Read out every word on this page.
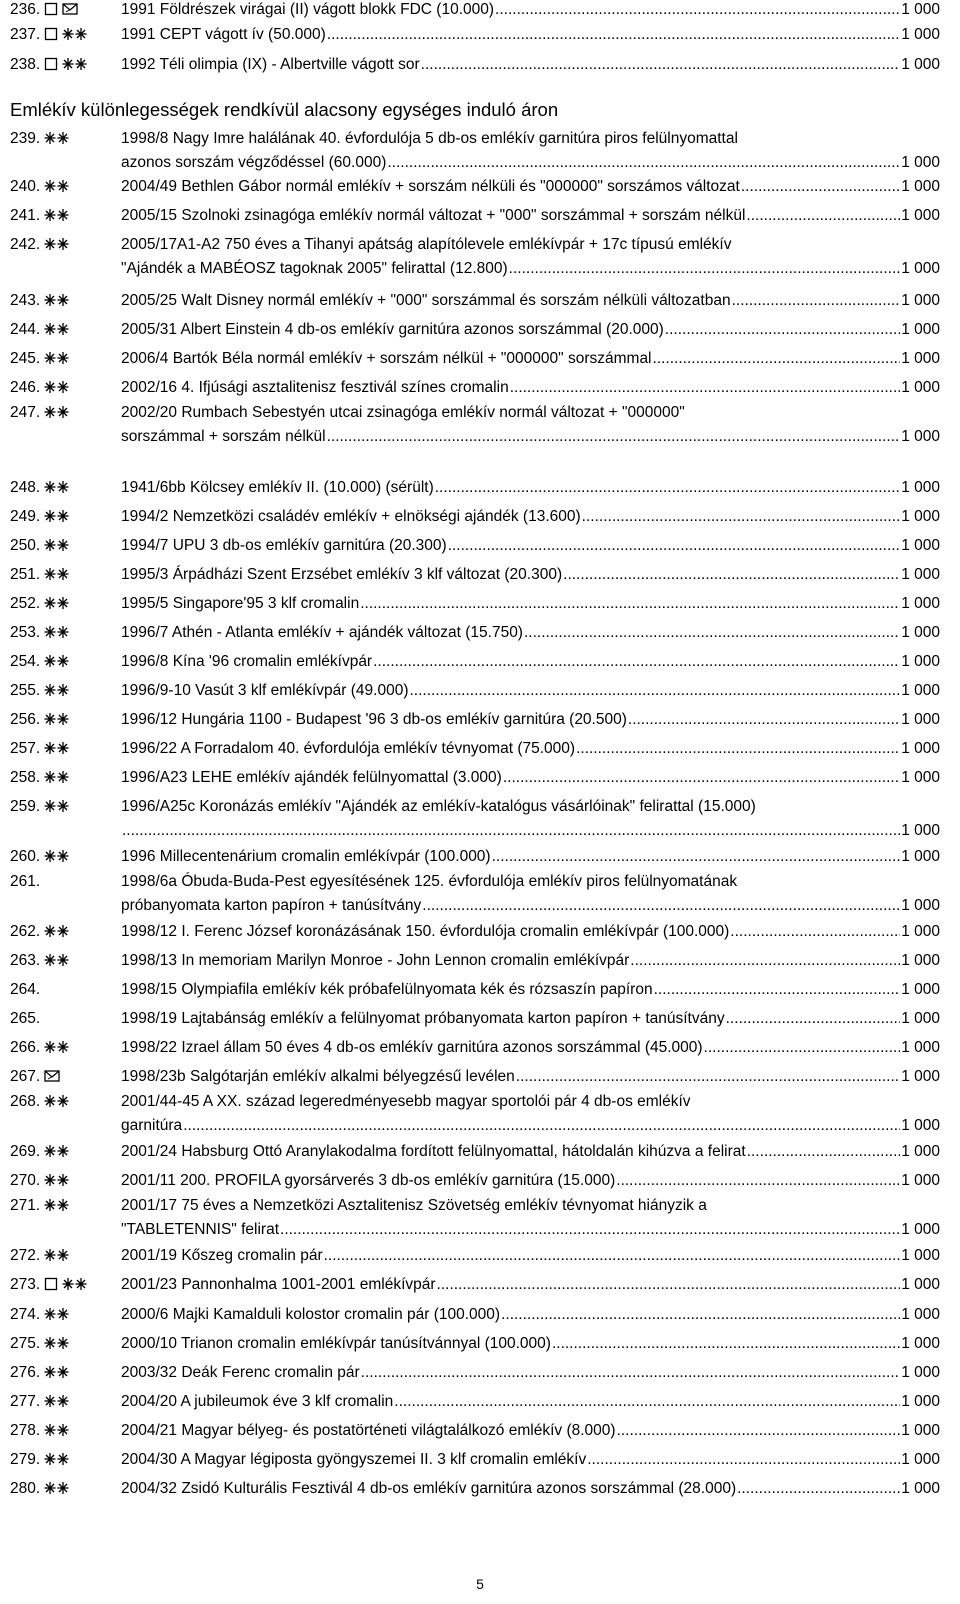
Emlékív különlegességek rendkívül alacsony egységes induló áron
5
236.	1991 Földrészek virágai (II) vágott blokk FDC (10.000) .....	1 000
237.	1991 CEPT vágott ív (50.000) .....	1 000
238.	1992 Téli olimpia (IX) - Albertville vágott sor .....	1 000
239.	1998/8 Nagy Imre halálának 40. évfordulója 5 db-os emlékív garnitúra piros felülnyomattal
azonos sorszám végződéssel (60.000) .....	1 000
240.	2004/49 Bethlen Gábor normál emlékív + sorszám nélküli és "000000" sorszámos változat .....	1 000
241.	2005/15 Szolnoki zsinagóga emlékív normál változat + "000" sorszámmal + sorszám nélkül .....	1 000
242.	2005/17A1-A2 750 éves a Tihanyi apátság alapítólevele emlékívpár + 17c típusú emlékív
"Ajándék a MABÉOSZ tagoknak 2005" felirattal (12.800) .....	1 000
243.	2005/25 Walt Disney normál emlékív + "000" sorszámmal és sorszám nélküli változatban .....	1 000
244.	2005/31 Albert Einstein 4 db-os emlékív garnitúra azonos sorszámmal (20.000) .....	1 000
245.	2006/4 Bartók Béla normál emlékív + sorszám nélkül + "000000" sorszámmal .....	1 000
246.	2002/16 4. Ifjúsági asztalitenisz fesztivál színes cromalin .....	1 000
247.	2002/20 Rumbach Sebestyén utcai zsinagóga emlékív normál változat + "000000"
sorszámmal + sorszám nélkül .....	1 000
248.	1941/6bb Kölcsey emlékív II. (10.000) (sérült) .....	1 000
249.	1994/2 Nemzetközi családév emlékív + elnökségi ajándék (13.600) .....	1 000
250.	1994/7 UPU 3 db-os emlékív garnitúra (20.300) .....	1 000
251.	1995/3 Árpádházi Szent Erzsébet emlékív 3 klf változat (20.300) .....	1 000
252.	1995/5 Singapore'95 3 klf cromalin .....	1 000
253.	1996/7 Athén - Atlanta emlékív + ajándék változat (15.750) .....	1 000
254.	1996/8 Kína '96 cromalin emlékívpár .....	1 000
255.	1996/9-10 Vasút 3 klf emlékívpár (49.000) .....	1 000
256.	1996/12 Hungária 1100 - Budapest '96 3 db-os emlékív garnitúra (20.500) .....	1 000
257.	1996/22 A Forradalom 40. évfordulója emlékív tévnyomat (75.000) .....	1 000
258.	1996/A23 LEHE emlékív ajándék felülnyomattal (3.000) .....	1 000
259.	1996/A25c Koronázás emlékív "Ajándék az emlékív-katalógus vásárlóinak" felirattal (15.000)
.....
1 000
260.	1996 Millecentenárium cromalin emlékívpár (100.000) .....	1 000
261.	1998/6a Óbuda-Buda-Pest egyesítésének 125. évfordulója emlékív piros felülnyomatának
próbanyomata karton papíron + tanúsítvány .....	1 000
262.	1998/12 I. Ferenc József koronázásának 150. évfordulója cromalin emlékívpár (100.000) .....	1 000
263.	1998/13 In memoriam Marilyn Monroe - John Lennon cromalin emlékívpár .....	1 000
264.	1998/15 Olympiafila emlékív kék próbafelülnyomata kék és rózsaszín papíron .....	1 000
265.	1998/19 Lajtabánság emlékív a felülnyomat próbanyomata karton papíron + tanúsítvány .....	1 000
266.	1998/22 Izrael állam 50 éves 4 db-os emlékív garnitúra azonos sorszámmal (45.000) .....	1 000
267.	1998/23b Salgótarján emlékív alkalmi bélyegzésű levélen .....	1 000
268.	2001/44-45 A XX. század legeredményesebb magyar sportolói pár 4 db-os emlékív
garnitúra .....	1 000
269.	2001/24 Habsburg Ottó Aranylakodalma fordított felülnyomattal, hátoldalán kihúzva a felirat .....	1 000
270.	2001/11 200. PROFILA gyorsárverés 3 db-os emlékív garnitúra (15.000) .....	1 000
271.	2001/17 75 éves a Nemzetközi Asztalitenisz Szövetség emlékív tévnyomat hiányzik a
"TABLETENNIS" felirat .....	1 000
272.	2001/19 Kőszeg cromalin pár .....	1 000
273.	2001/23 Pannonhalma 1001-2001 emlékívpár .....	1 000
274.	2000/6 Majki Kamalduli kolostor cromalin pár (100.000) .....	1 000
275.	2000/10 Trianon cromalin emlékívpár tanúsítvánnyal (100.000) .....	1 000
276.	2003/32 Deák Ferenc cromalin pár .....	1 000
277.	2004/20 A jubileumok éve 3 klf cromalin .....	1 000
278.	2004/21 Magyar bélyeg- és postatörténeti világtalálkozó emlékív (8.000) .....	1 000
279.	2004/30 A Magyar légiposta gyöngyszemei II. 3 klf cromalin emlékív .....	1 000
280.	2004/32 Zsidó Kulturális Fesztivál 4 db-os emlékív garnitúra azonos sorszámmal (28.000) .....	1 000
